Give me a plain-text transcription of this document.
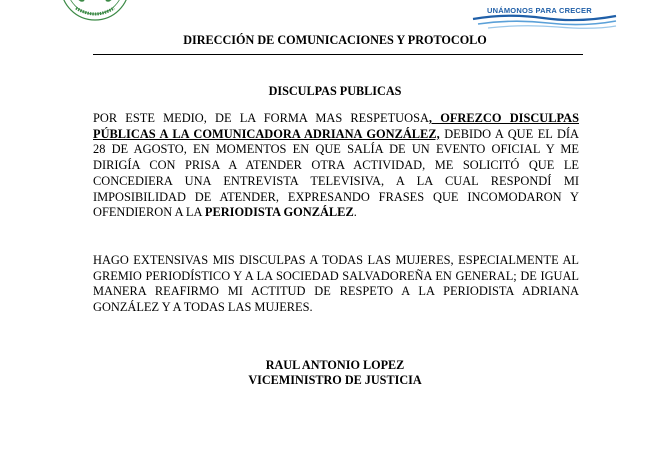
UNÁMONOS PARA CRECER
DIRECCIÓN DE COMUNICACIONES Y PROTOCOLO
DISCULPAS PUBLICAS

POR ESTE MEDIO, DE LA FORMA MAS RESPETUOSA, OFREZCO DISCULPAS PÚBLICAS A LA COMUNICADORA ADRIANA GONZÁLEZ, DEBIDO A QUE EL DÍA 28 DE AGOSTO, EN MOMENTOS EN QUE SALÍA DE UN EVENTO OFICIAL Y ME DIRIGÍA CON PRISA A ATENDER OTRA ACTIVIDAD, ME SOLICITÓ QUE LE CONCEDIERA UNA ENTREVISTA TELEVISIVA, A LA CUAL RESPONDÍ MI IMPOSIBILIDAD DE ATENDER, EXPRESANDO FRASES QUE INCOMODARON Y OFENDIERON A LA PERIODISTA GONZÁLEZ.

HAGO EXTENSIVAS MIS DISCULPAS A TODAS LAS MUJERES, ESPECIALMENTE AL GREMIO PERIODÍSTICO Y A LA SOCIEDAD SALVADOREÑA EN GENERAL; DE IGUAL MANERA REAFIRMO MI ACTITUD DE RESPETO A LA PERIODISTA ADRIANA GONZÁLEZ Y A TODAS LAS MUJERES.

RAUL ANTONIO LOPEZ
VICEMINISTRO DE JUSTICIA
